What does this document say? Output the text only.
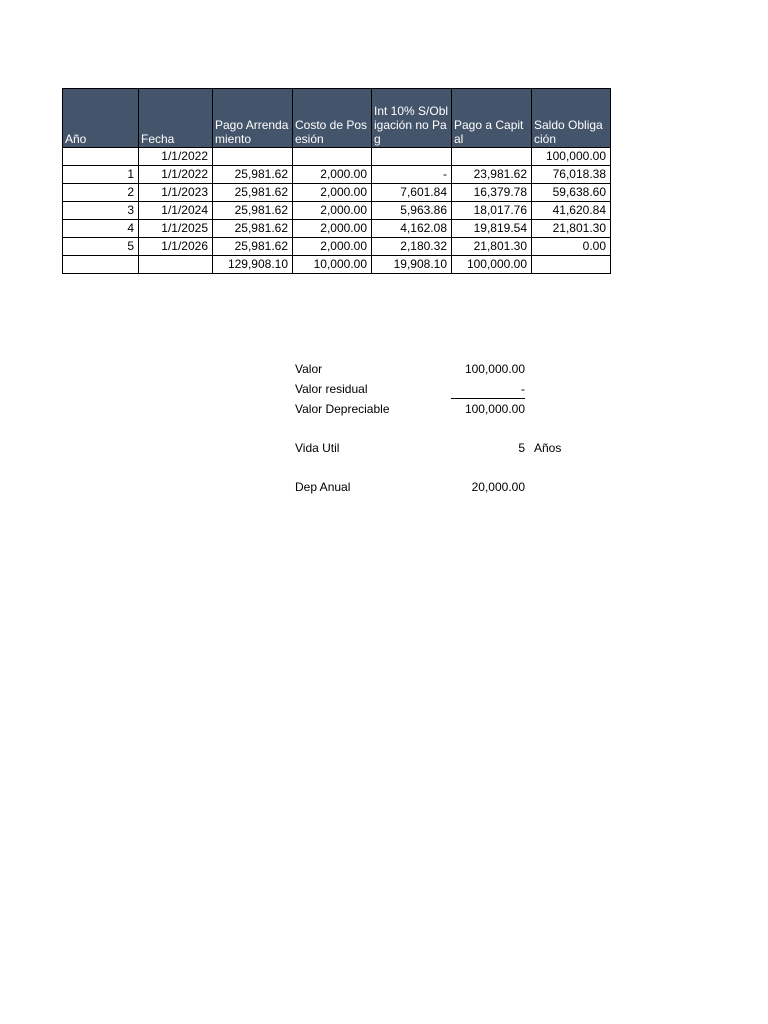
Año	Fecha	Pago Arrendamiento	Costo de Posesión	Int 10% S/Obligación no Pag	Pago a Capital	Saldo Obligación
	1/1/2022					100,000.00
1	1/1/2022	25,981.62	2,000.00	-	23,981.62	76,018.38
2	1/1/2023	25,981.62	2,000.00	7,601.84	16,379.78	59,638.60
3	1/1/2024	25,981.62	2,000.00	5,963.86	18,017.76	41,620.84
4	1/1/2025	25,981.62	2,000.00	4,162.08	19,819.54	21,801.30
5	1/1/2026	25,981.62	2,000.00	2,180.32	21,801.30	0.00
		129,908.10	10,000.00	19,908.10	100,000.00	
Valor	100,000.00
Valor residual	-
Valor Depreciable	100,000.00
Vida Util	5 Años
Dep Anual	20,000.00
